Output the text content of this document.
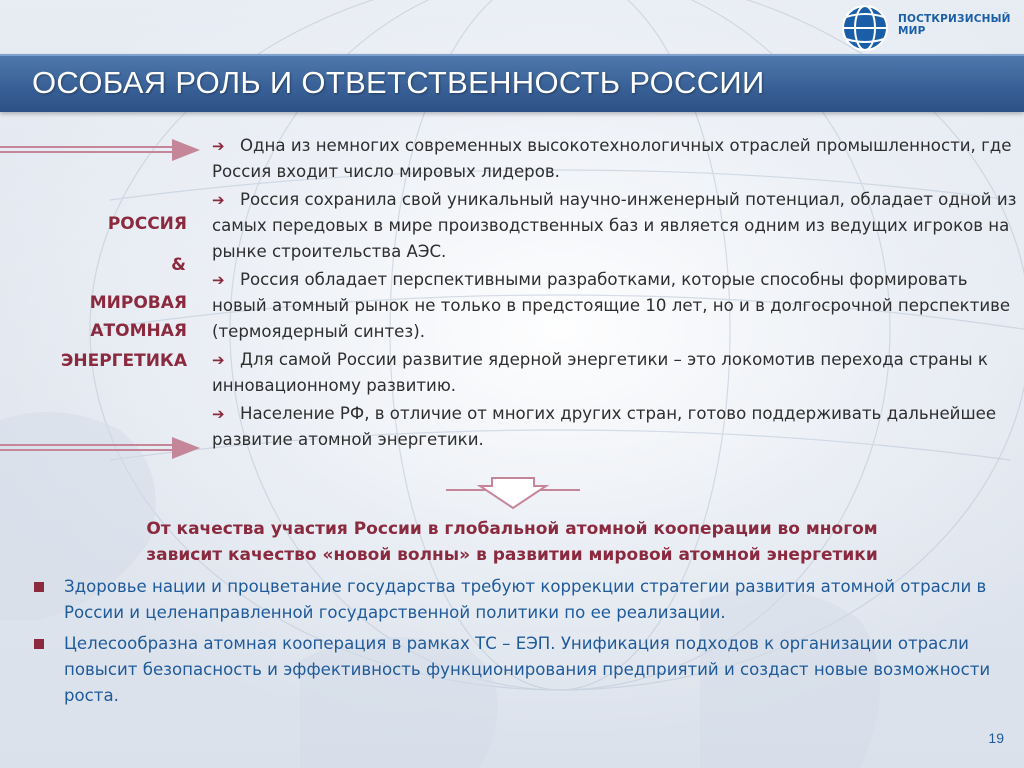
ПОСТКРИЗИСНЫЙ МИР
ОСОБАЯ РОЛЬ И ОТВЕТСТВЕННОСТЬ РОССИИ
РОССИЯ
&
МИРОВАЯ
АТОМНАЯ
ЭНЕРГЕТИКА
➔ Одна из немногих современных высокотехнологичных отраслей промышленности, где Россия входит число мировых лидеров.
➔ Россия сохранила свой уникальный научно-инженерный потенциал, обладает одной из самых передовых в мире производственных баз и является одним из ведущих игроков на рынке строительства АЭС.
➔ Россия обладает перспективными разработками, которые способны формировать новый атомный рынок не только в предстоящие 10 лет, но и в долгосрочной перспективе (термоядерный синтез).
➔ Для самой России развитие ядерной энергетики – это локомотив перехода страны к инновационному развитию.
➔ Население РФ, в отличие от многих других стран, готово поддерживать дальнейшее развитие атомной энергетики.
От качества участия России в глобальной атомной кооперации во многом
зависит качество «новой волны» в развитии мировой атомной энергетики
Здоровье нации и процветание государства требуют коррекции стратегии развития атомной отрасли в России и целенаправленной государственной политики по ее реализации.
Целесообразна атомная кооперация в рамках ТС – ЕЭП. Унификация подходов к организации отрасли повысит безопасность и эффективность функционирования предприятий и создаст новые возможности роста.
19
